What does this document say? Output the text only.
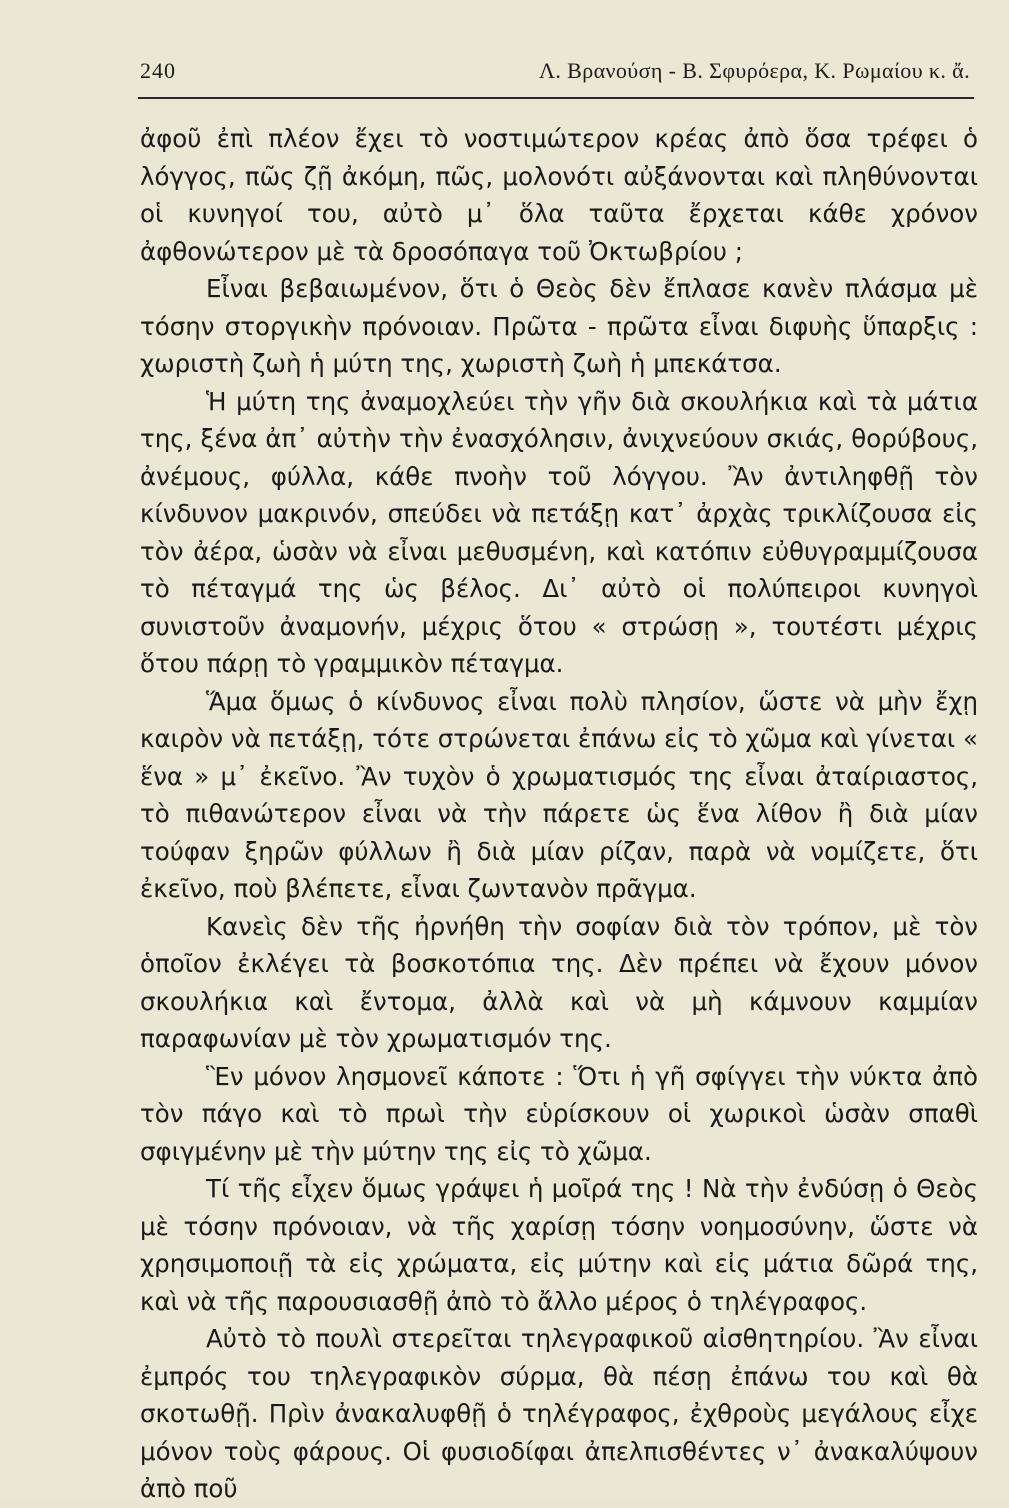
240	Λ. Βρανούση - Β. Σφυρόερα, Κ. Ρωμαίου κ. ἄ.

ἀφοῦ ἐπὶ πλέον ἔχει τὸ νοστιμώτερον κρέας ἀπὸ ὅσα τρέφει ὁ λόγγος, πῶς ζῇ ἀκόμη, πῶς, μολονότι αὐξάνονται καὶ πληθύνονται οἱ κυνηγοί του, αὐτὸ μ᾽ ὅλα ταῦτα ἔρχεται κάθε χρόνον ἀφθονώτερον μὲ τὰ δροσόπαγα τοῦ Ὀκτωβρίου ;

Εἶναι βεβαιωμένον, ὅτι ὁ Θεὸς δὲν ἔπλασε κανὲν πλάσμα μὲ τόσην στοργικὴν πρόνοιαν. Πρῶτα - πρῶτα εἶναι διφυὴς ὕπαρξις : χωριστὴ ζωὴ ἡ μύτη της, χωριστὴ ζωὴ ἡ μπεκάτσα.

Ἡ μύτη της ἀναμοχλεύει τὴν γῆν διὰ σκουλήκια καὶ τὰ μάτια της, ξένα ἀπ᾽ αὐτὴν τὴν ἐνασχόλησιν, ἀνιχνεύουν σκιάς, θορύβους, ἀνέμους, φύλλα, κάθε πνοὴν τοῦ λόγγου. Ἂν ἀντιληφθῇ τὸν κίνδυνον μακρινόν, σπεύδει νὰ πετάξῃ κατ᾽ ἀρχὰς τρικλίζουσα εἰς τὸν ἀέρα, ὡσὰν νὰ εἶναι μεθυσμένη, καὶ κατόπιν εὐθυγραμμίζουσα τὸ πέταγμά της ὡς βέλος. Δι᾽ αὐτὸ οἱ πολύπειροι κυνηγοὶ συνιστοῦν ἀναμονήν, μέχρις ὅτου « στρώσῃ », τουτέστι μέχρις ὅτου πάρῃ τὸ γραμμικὸν πέταγμα.

Ἅμα ὅμως ὁ κίνδυνος εἶναι πολὺ πλησίον, ὥστε νὰ μὴν ἔχῃ καιρὸν νὰ πετάξῃ, τότε στρώνεται ἐπάνω εἰς τὸ χῶμα καὶ γίνεται « ἕνα » μ᾽ ἐκεῖνο. Ἂν τυχὸν ὁ χρωματισμός της εἶναι ἀταίριαστος, τὸ πιθανώτερον εἶναι νὰ τὴν πάρετε ὡς ἕνα λίθον ἢ διὰ μίαν τούφαν ξηρῶν φύλλων ἢ διὰ μίαν ρίζαν, παρὰ νὰ νομίζετε, ὅτι ἐκεῖνο, ποὺ βλέπετε, εἶναι ζωντανὸν πρᾶγμα.

Κανεὶς δὲν τῆς ἠρνήθη τὴν σοφίαν διὰ τὸν τρόπον, μὲ τὸν ὁποῖον ἐκλέγει τὰ βοσκοτόπια της. Δὲν πρέπει νὰ ἔχουν μόνον σκουλήκια καὶ ἔντομα, ἀλλὰ καὶ νὰ μὴ κάμνουν καμμίαν παραφωνίαν μὲ τὸν χρωματισμόν της.

Ἓν μόνον λησμονεῖ κάποτε : Ὅτι ἡ γῆ σφίγγει τὴν νύκτα ἀπὸ τὸν πάγο καὶ τὸ πρωὶ τὴν εὑρίσκουν οἱ χωρικοὶ ὡσὰν σπαθὶ σφιγμένην μὲ τὴν μύτην της εἰς τὸ χῶμα.

Τί τῆς εἶχεν ὅμως γράψει ἡ μοῖρά της ! Νὰ τὴν ἐνδύσῃ ὁ Θεὸς μὲ τόσην πρόνοιαν, νὰ τῆς χαρίσῃ τόσην νοημοσύνην, ὥστε νὰ χρησιμοποιῇ τὰ εἰς χρώματα, εἰς μύτην καὶ εἰς μάτια δῶρά της, καὶ νὰ τῆς παρουσιασθῇ ἀπὸ τὸ ἄλλο μέρος ὁ τηλέγραφος.

Αὐτὸ τὸ πουλὶ στερεῖται τηλεγραφικοῦ αἰσθητηρίου. Ἂν εἶναι ἐμπρός του τηλεγραφικὸν σύρμα, θὰ πέσῃ ἐπάνω του καὶ θὰ σκοτωθῇ. Πρὶν ἀνακαλυφθῇ ὁ τηλέγραφος, ἐχθροὺς μεγάλους εἶχε μόνον τοὺς φάρους. Οἱ φυσιοδίφαι ἀπελπισθέντες ν᾽ ἀνακαλύψουν ἀπὸ ποῦ
